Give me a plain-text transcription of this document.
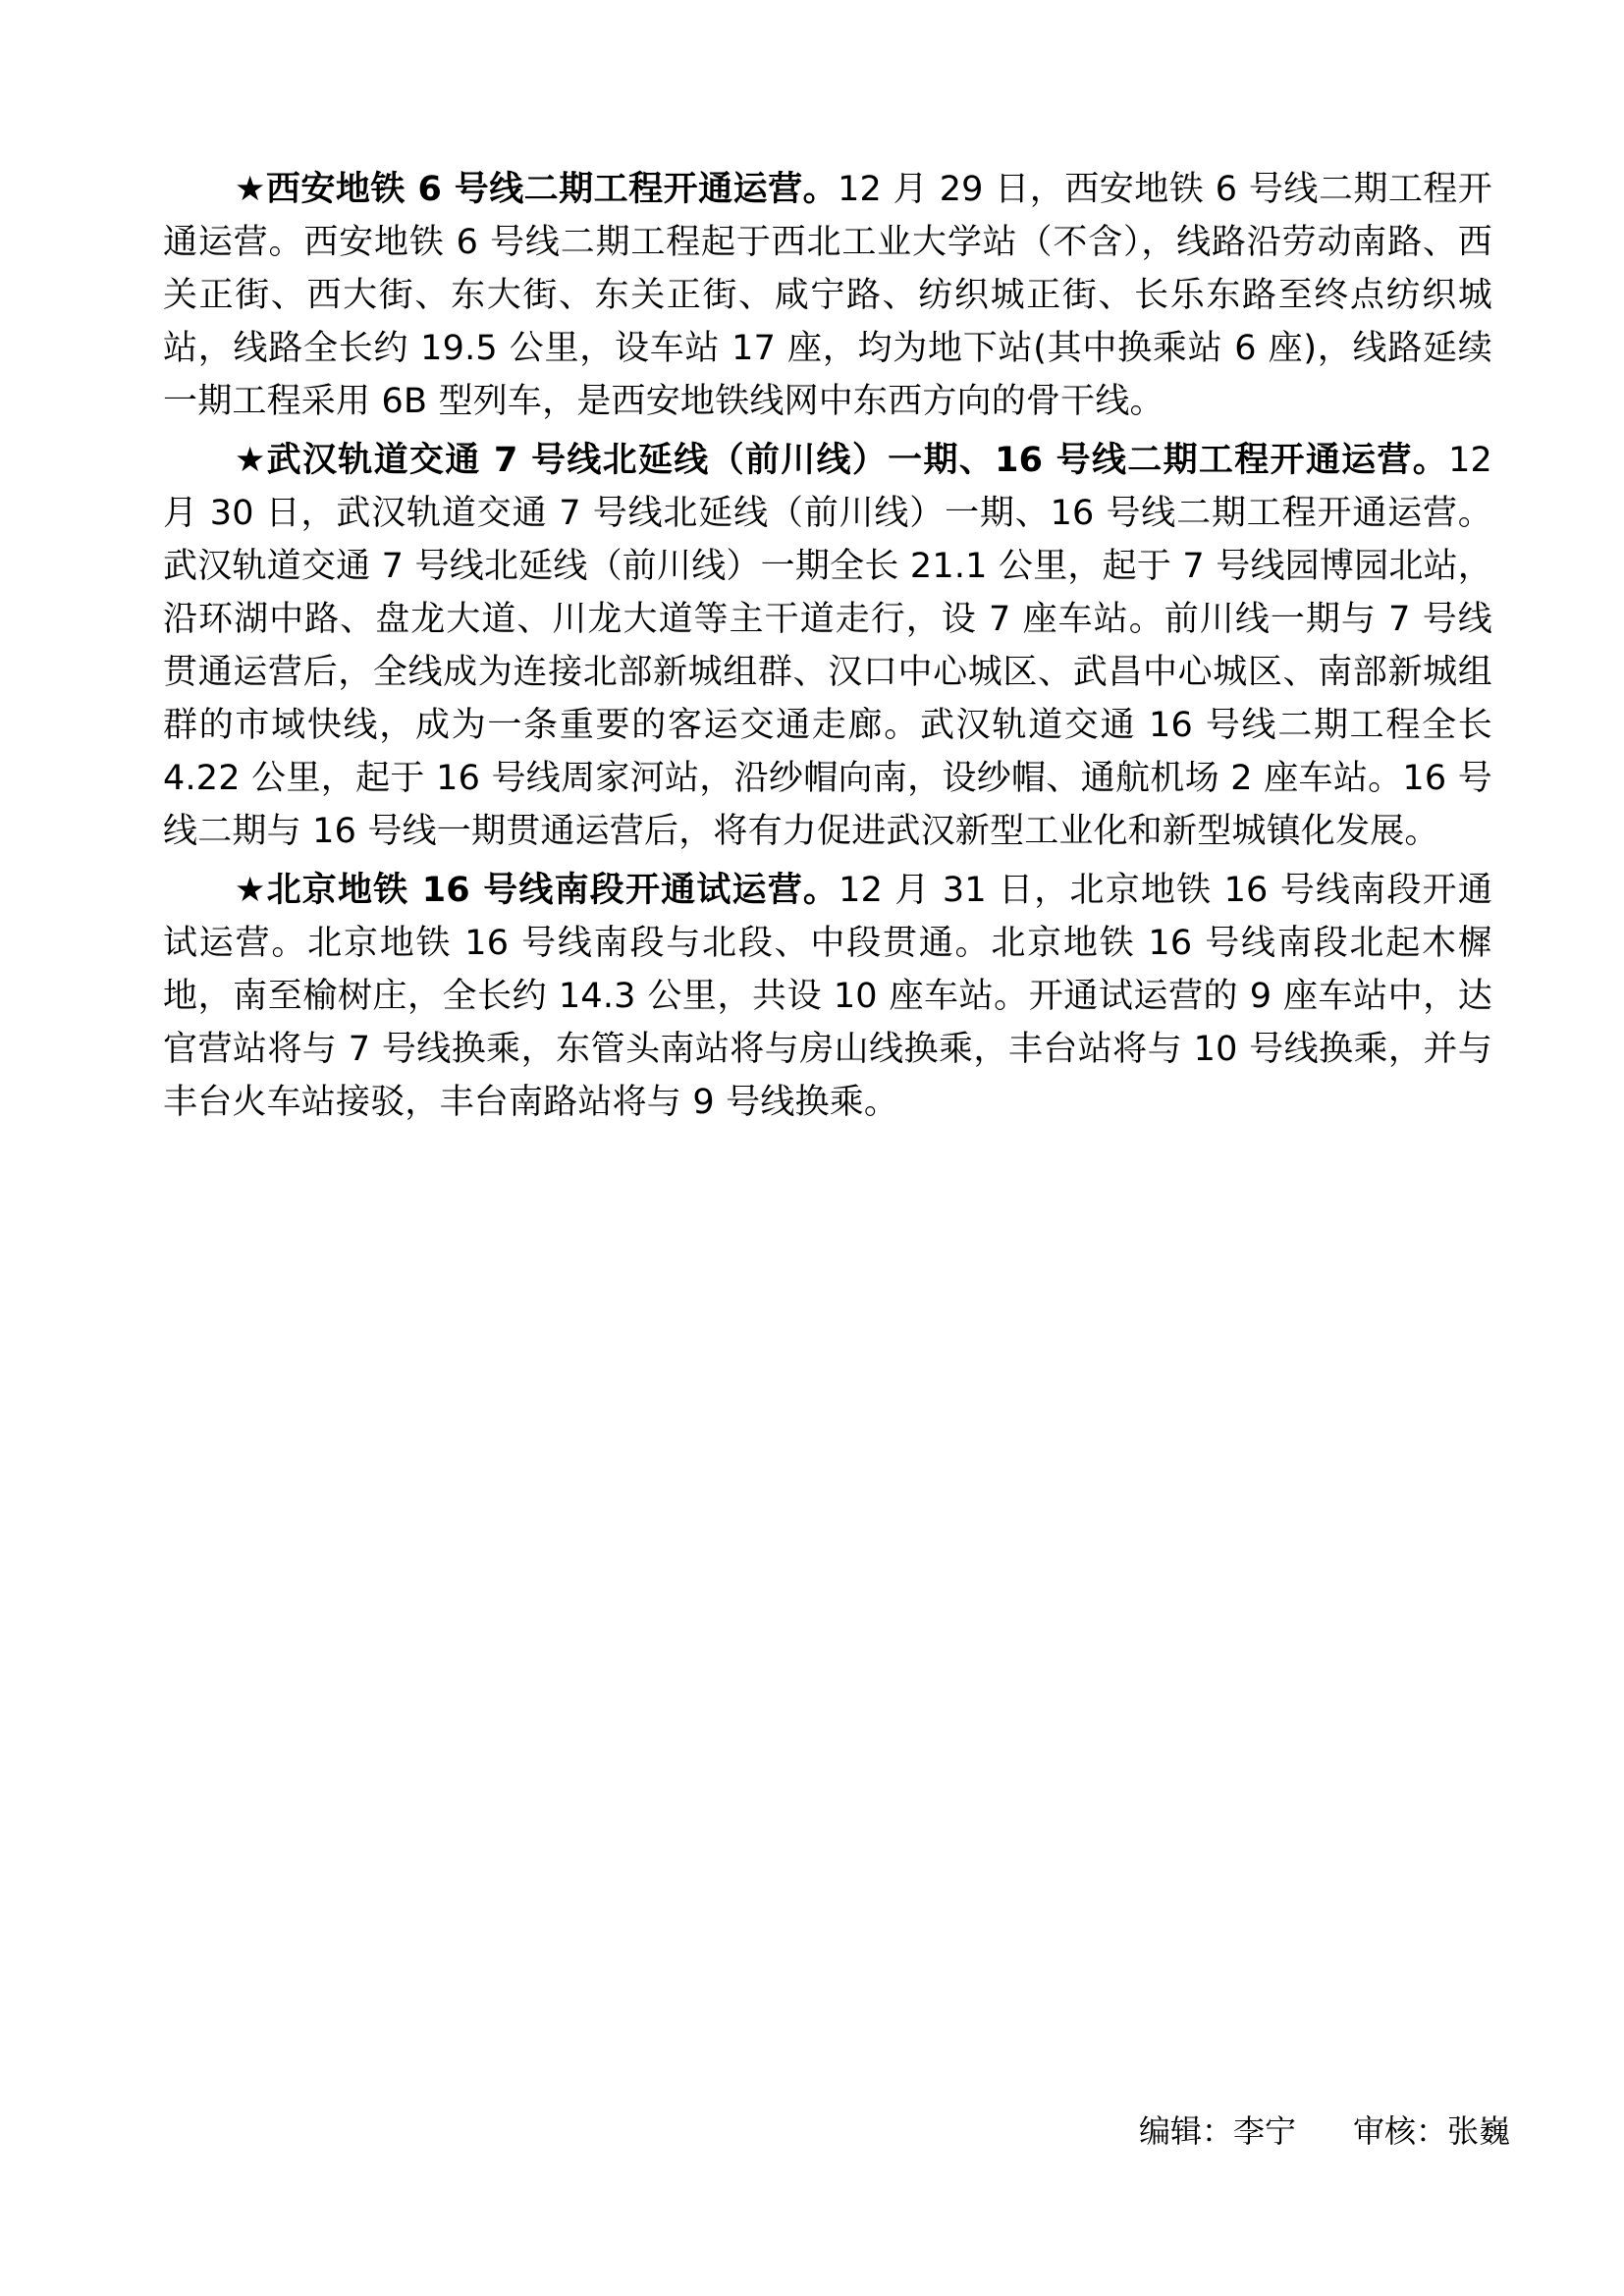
★西安地铁 6 号线二期工程开通运营。12 月 29 日，西安地铁 6 号线二期工程开通运营。西安地铁 6 号线二期工程起于西北工业大学站（不含），线路沿劳动南路、西关正街、西大街、东大街、东关正街、咸宁路、纺织城正街、长乐东路至终点纺织城站，线路全长约 19.5 公里，设车站 17 座，均为地下站(其中换乘站 6 座)，线路延续一期工程采用 6B 型列车，是西安地铁线网中东西方向的骨干线。

★武汉轨道交通 7 号线北延线（前川线）一期、16 号线二期工程开通运营。12 月 30 日，武汉轨道交通 7 号线北延线（前川线）一期、16 号线二期工程开通运营。武汉轨道交通 7 号线北延线（前川线）一期全长 21.1 公里，起于 7 号线园博园北站，沿环湖中路、盘龙大道、川龙大道等主干道走行，设 7 座车站。前川线一期与 7 号线贯通运营后，全线成为连接北部新城组群、汉口中心城区、武昌中心城区、南部新城组群的市域快线，成为一条重要的客运交通走廊。武汉轨道交通 16 号线二期工程全长 4.22 公里，起于 16 号线周家河站，沿纱帽向南，设纱帽、通航机场 2 座车站。16 号线二期与 16 号线一期贯通运营后，将有力促进武汉新型工业化和新型城镇化发展。

★北京地铁 16 号线南段开通试运营。12 月 31 日，北京地铁 16 号线南段开通试运营。北京地铁 16 号线南段与北段、中段贯通。北京地铁 16 号线南段北起木樨地，南至榆树庄，全长约 14.3 公里，共设 10 座车站。开通试运营的 9 座车站中，达官营站将与 7 号线换乘，东管头南站将与房山线换乘，丰台站将与 10 号线换乘，并与丰台火车站接驳，丰台南路站将与 9 号线换乘。

编辑：李宁 审核：张巍
